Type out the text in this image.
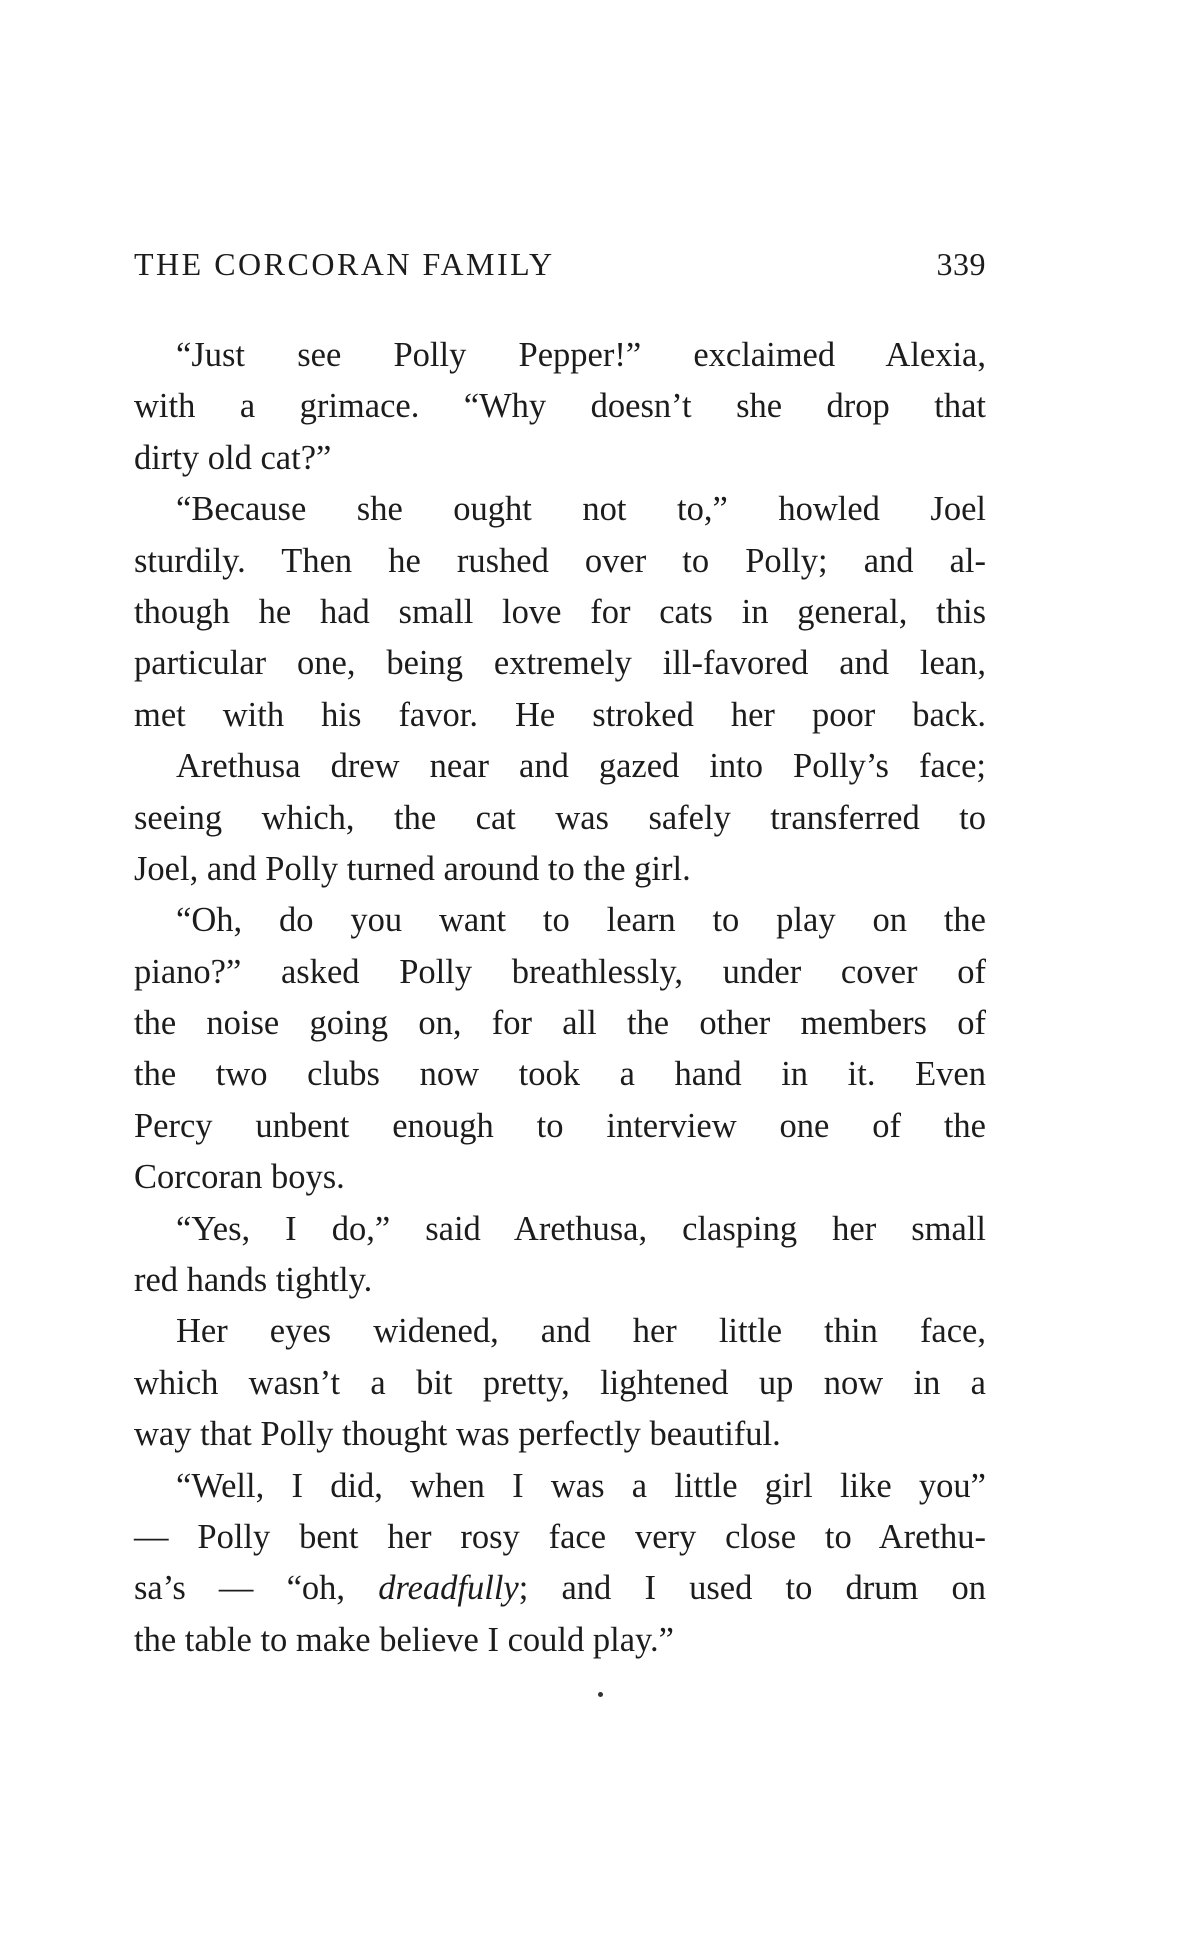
THE CORCORAN FAMILY	339
“Just see Polly Pepper!” exclaimed Alexia,
with a grimace. “Why doesn’t she drop that
dirty old cat?”
“Because she ought not to,” howled Joel
sturdily. Then he rushed over to Polly; and al-
though he had small love for cats in general, this
particular one, being extremely ill-favored and lean,
met with his favor. He stroked her poor back.
Arethusa drew near and gazed into Polly’s face;
seeing which, the cat was safely transferred to
Joel, and Polly turned around to the girl.
“Oh, do you want to learn to play on the
piano?” asked Polly breathlessly, under cover of
the noise going on, for all the other members of
the two clubs now took a hand in it. Even
Percy unbent enough to interview one of the
Corcoran boys.
“Yes, I do,” said Arethusa, clasping her small
red hands tightly.
Her eyes widened, and her little thin face,
which wasn’t a bit pretty, lightened up now in a
way that Polly thought was perfectly beautiful.
“Well, I did, when I was a little girl like you”
— Polly bent her rosy face very close to Arethu-
sa’s — “oh, dreadfully; and I used to drum on
the table to make believe I could play.”
